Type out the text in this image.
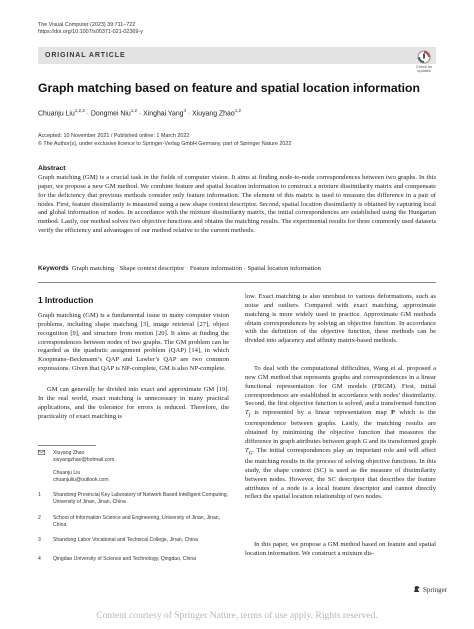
The Visual Computer (2023) 39:711–722
https://doi.org/10.1007/s00371-021-02369-y
ORIGINAL ARTICLE
Check for
updates
Graph matching based on feature and spatial location information
Chuanju Liu$^{1,2,3}$ · Dongmei Niu$^{1,2}$ · Xinghai Yang$^4$ · Xiuyang Zhao$^{1,2}$
Accepted: 10 November 2021 / Published online: 1 March 2022
© The Author(s), under exclusive licence to Springer-Verlag GmbH Germany, part of Springer Nature 2022
Abstract
Graph matching (GM) is a crucial task in the fields of computer vision. It aims at finding node-to-node correspondences between two graphs. In this paper, we propose a new GM method. We combine feature and spatial location information to construct a mixture dissimilarity matrix and compensate for the deficiency that previous methods consider only feature information. The element of this matrix is used to measure the difference in a pair of nodes. First, feature dissimilarity is measured using a new shape context descriptor. Second, spatial location dissimilarity is obtained by capturing local and global information of nodes. In accordance with the mixture dissimilarity matrix, the initial correspondences are established using the Hungarian method. Lastly, our method solves two objective functions and obtains the matching results. The experimental results for three commonly used datasets verify the efficiency and advantages of our method relative to the current methods.
Keywords Graph matching · Shape context descriptor · Feature information · Spatial location information
1 Introduction
Graph matching (GM) is a fundamental issue in many computer vision problems, including shape matching [3], image retrieval [27], object recognition [9], and structure from motion [20]. It aims at finding the correspondences between nodes of two graphs. The GM problem can be regarded as the quadratic assignment problem (QAP) [14], in which Koopmans–Beckmann’s QAP and Lawler’s QAP are two common expressions. Given that QAP is NP-complete, GM is also NP-complete.
GM can generally be divided into exact and approximate GM [19]. In the real world, exact matching is unnecessary in many practical applications, and the tolerance for errors is reduced. Therefore, the practicality of exact matching is
Xiuyang Zhao
xiuyangzhao@hotmail.com
Chuanju Liu
chuanjuliu@outlook.com
1 Shandong Provincial Key Laboratory of Network Based Intelligent Computing, University of Jinan, Jinan, China
2 School of Information Science and Engineering, University of Jinan, Jinan, China
3 Shandong Labor Vocational and Technical College, Jinan, China
4 Qingdao University of Science and Technology, Qingdao, China
low. Exact matching is also unrobust to various deformations, such as noise and outliers. Compared with exact matching, approximate matching is more widely used in practice. Approximate GM methods obtain correspondences by solving an objective function. In accordance with the definition of the objective function, these methods can be divided into adjacency and affinity matrix-based methods.
To deal with the computational difficulties, Wang et al. proposed a new GM method that represents graphs and correspondences in a linear functional representation for GM models (FRGM). First, initial correspondences are established in accordance with nodes’ dissimilarity. Second, the first objective function is solved, and a transformed function $T_f$ is represented by a linear representation map P which is the correspondence between graphs. Lastly, the matching results are obtained by minimizing the objective function that measures the difference in graph attributes between graph G and its transformed graph $T_G$. The initial correspondences play an important role and will affect the matching results in the process of solving objective functions. In this study, the shape context (SC) is used as the measure of dissimilarity between nodes. However, the SC descriptor that describes the feature attributes of a node is a local feature descriptor and cannot directly reflect the spatial location relationship of two nodes.
In this paper, we propose a GM method based on feature and spatial location information. We construct a mixture dis-
Springer
Content courtesy of Springer Nature, terms of use apply. Rights reserved.
